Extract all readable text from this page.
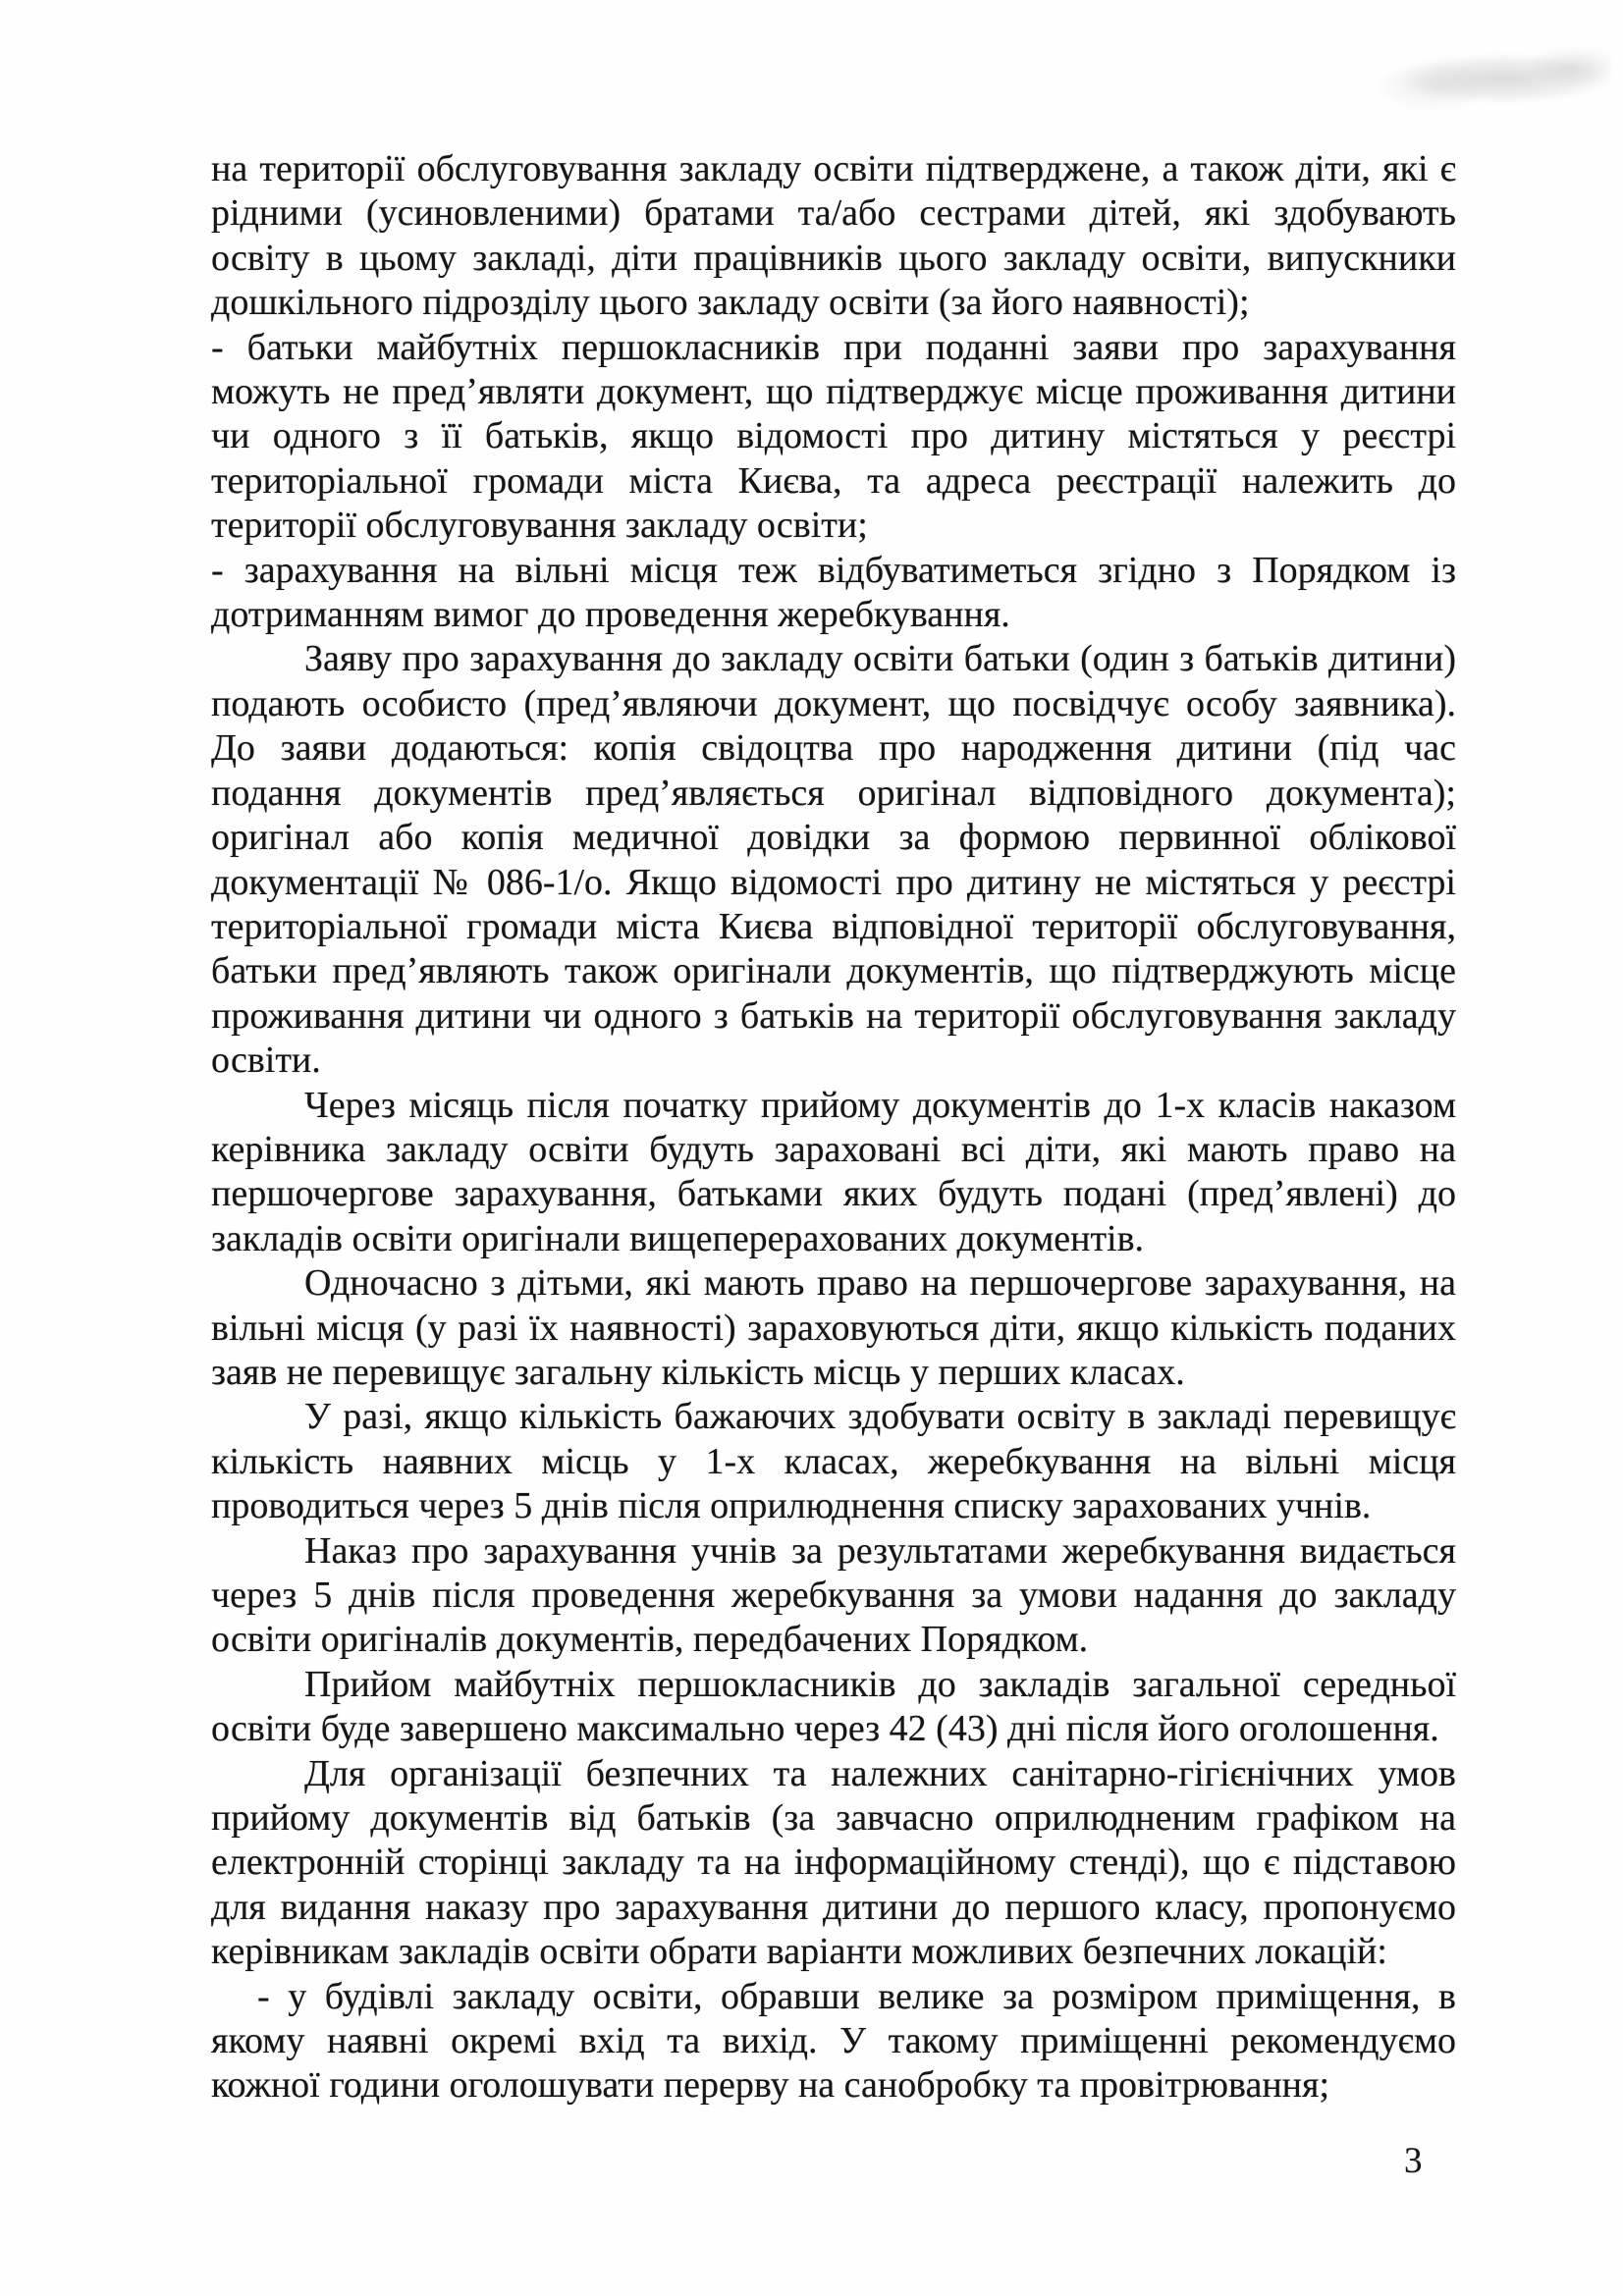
на території обслуговування закладу освіти підтверджене, а також діти, які є
рідними (усиновленими) братами та/або сестрами дітей, які здобувають
освіту в цьому закладі, діти працівників цього закладу освіти, випускники
дошкільного підрозділу цього закладу освіти (за його наявності);

- батьки майбутніх першокласників при поданні заяви про зарахування
можуть не пред’являти документ, що підтверджує місце проживання дитини
чи одного з її батьків, якщо відомості про дитину містяться у реєстрі
територіальної громади міста Києва, та адреса реєстрації належить до
території обслуговування закладу освіти;

- зарахування на вільні місця теж відбуватиметься згідно з Порядком із
дотриманням вимог до проведення жеребкування.

Заяву про зарахування до закладу освіти батьки (один з батьків дитини)
подають особисто (пред’являючи документ, що посвідчує особу заявника).
До заяви додаються: копія свідоцтва про народження дитини (під час
подання документів пред’являється оригінал відповідного документа);
оригінал або копія медичної довідки за формою первинної облікової
документації № 086-1/о. Якщо відомості про дитину не містяться у реєстрі
територіальної громади міста Києва відповідної території обслуговування,
батьки пред’являють також оригінали документів, що підтверджують місце
проживання дитини чи одного з батьків на території обслуговування закладу
освіти.

Через місяць після початку прийому документів до 1-х класів наказом
керівника закладу освіти будуть зараховані всі діти, які мають право на
першочергове зарахування, батьками яких будуть подані (пред’явлені) до
закладів освіти оригінали вищеперерахованих документів.

Одночасно з дітьми, які мають право на першочергове зарахування, на
вільні місця (у разі їх наявності) зараховуються діти, якщо кількість поданих
заяв не перевищує загальну кількість місць у перших класах.

У разі, якщо кількість бажаючих здобувати освіту в закладі перевищує
кількість наявних місць у 1-х класах, жеребкування на вільні місця
проводиться через 5 днів після оприлюднення списку зарахованих учнів.

Наказ про зарахування учнів за результатами жеребкування видається
через 5 днів після проведення жеребкування за умови надання до закладу
освіти оригіналів документів, передбачених Порядком.

Прийом майбутніх першокласників до закладів загальної середньої
освіти буде завершено максимально через 42 (43) дні після його оголошення.

Для організації безпечних та належних санітарно-гігієнічних умов
прийому документів від батьків (за завчасно оприлюдненим графіком на
електронній сторінці закладу та на інформаційному стенді), що є підставою
для видання наказу про зарахування дитини до першого класу, пропонуємо
керівникам закладів освіти обрати варіанти можливих безпечних локацій:

- у будівлі закладу освіти, обравши велике за розміром приміщення, в
якому наявні окремі вхід та вихід. У такому приміщенні рекомендуємо
кожної години оголошувати перерву на санобробку та провітрювання;

3
